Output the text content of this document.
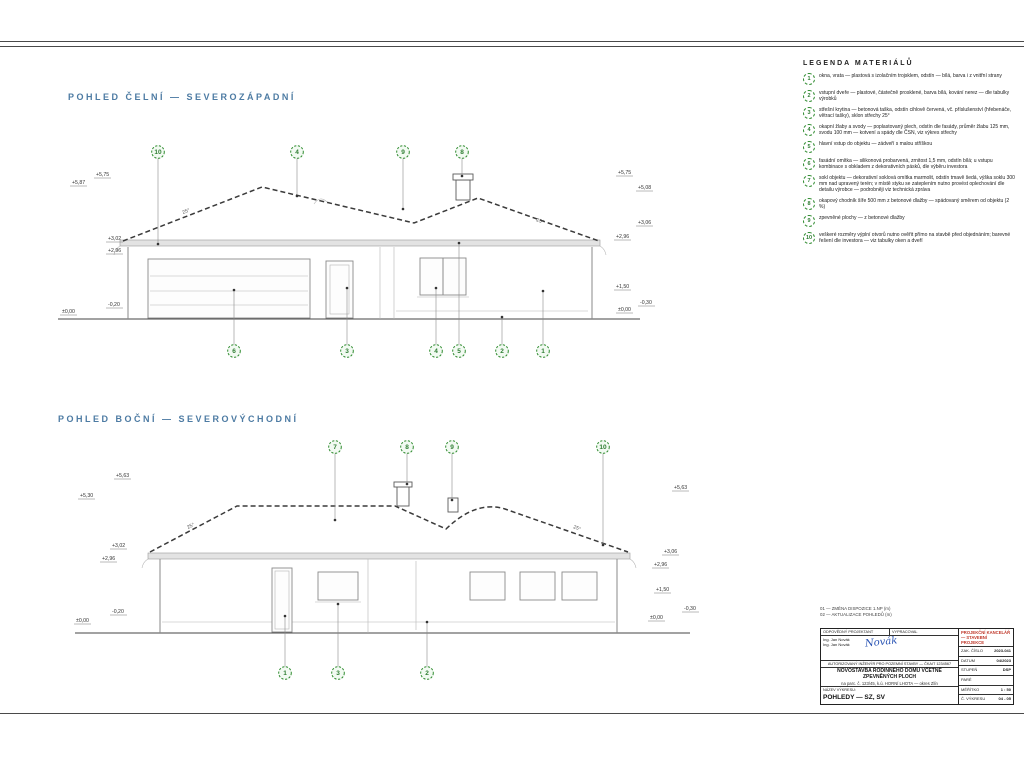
POHLED ČELNÍ — SEVEROZÁPADNÍ
POHLED BOČNÍ — SEVEROVÝCHODNÍ
10	4	9	8
6	3	4	5	2	1
+5,75
+5,87
+3,02
+2,96
±0,00
-0,20
+5,75
+5,08
+3,06
+2,96
+1,50
±0,00
-0,30
25°
25°
7	8	9	10
1	3	2
+5,63
+5,30
+3,02
+2,96
±0,00
-0,20
+5,63
+3,06
+2,96
+1,50
±0,00
-0,30
25°	25°
LEGENDA MATERIÁLŮ
1	okna, vrata — plastová s izolačním trojsklem, odstín — bílá, barva i z vnitřní strany
2	vstupní dveře — plastové, částečně prosklené, barva bílá, kování nerez — dle tabulky výrobků
3	střešní krytina — betonová taška, odstín cihlově červená, vč. příslušenství (hřebenáče, větrací tašky), sklon střechy 25°
4	okapní žlaby a svody — poplastovaný plech, odstín dle fasády, průměr žlabu 125 mm, svodu 100 mm — kotvení a spády dle ČSN, viz výkres střechy
5	hlavní vstup do objektu — zádveří s malou stříškou
6	fasádní omítka — silikonová probarvená, zrnitost 1,5 mm, odstín bílá; u vstupu kombinace s obkladem z dekorativních pásků, dle výběru investora
7	sokl objektu — dekorativní soklová omítka marmolit, odstín tmavě šedá, výška soklu 300 mm nad upravený terén; v místě styku se zateplením nutno provést oplechování dle detailu výrobce — podrobněji viz technická zpráva
8	okapový chodník šíře 500 mm z betonové dlažby — spádovaný směrem od objektu (2 %)
9	zpevněné plochy — z betonové dlažby
10	veškeré rozměry výplní otvorů nutno ověřit přímo na stavbě před objednáním; barevné řešení dle investora — viz tabulky oken a dveří
01 — ZMĚNA DISPOZICE 1.NP (m)
02 — AKTUALIZACE POHLEDŮ (m)
ODPOVĚDNÝ PROJEKTANT	VYPRACOVAL
Ing. Jan Novák
Ing. Jan Novák Novák
AUTORIZOVANÝ INŽENÝR PRO POZEMNÍ STAVBY — ČKAIT 1234567
NOVOSTAVBA RODINNÉHO DOMU VČETNĚ ZPEVNĚNÝCH PLOCH
na parc. č. 123/45, k.ú. HORNÍ LHOTA — okres Zlín
NÁZEV VÝKRESU:
POHLEDY — SZ, SV
PROJEKČNÍ KANCELÁŘ
— STAVEBNÍ PROJEKCE
ZAK. ČÍSLO	2023-041
DATUM	04/2023
STUPEŇ	DSP
PARÉ
MĚŘÍTKO	1 : 50
Č. VÝKRESU	04 - 05
